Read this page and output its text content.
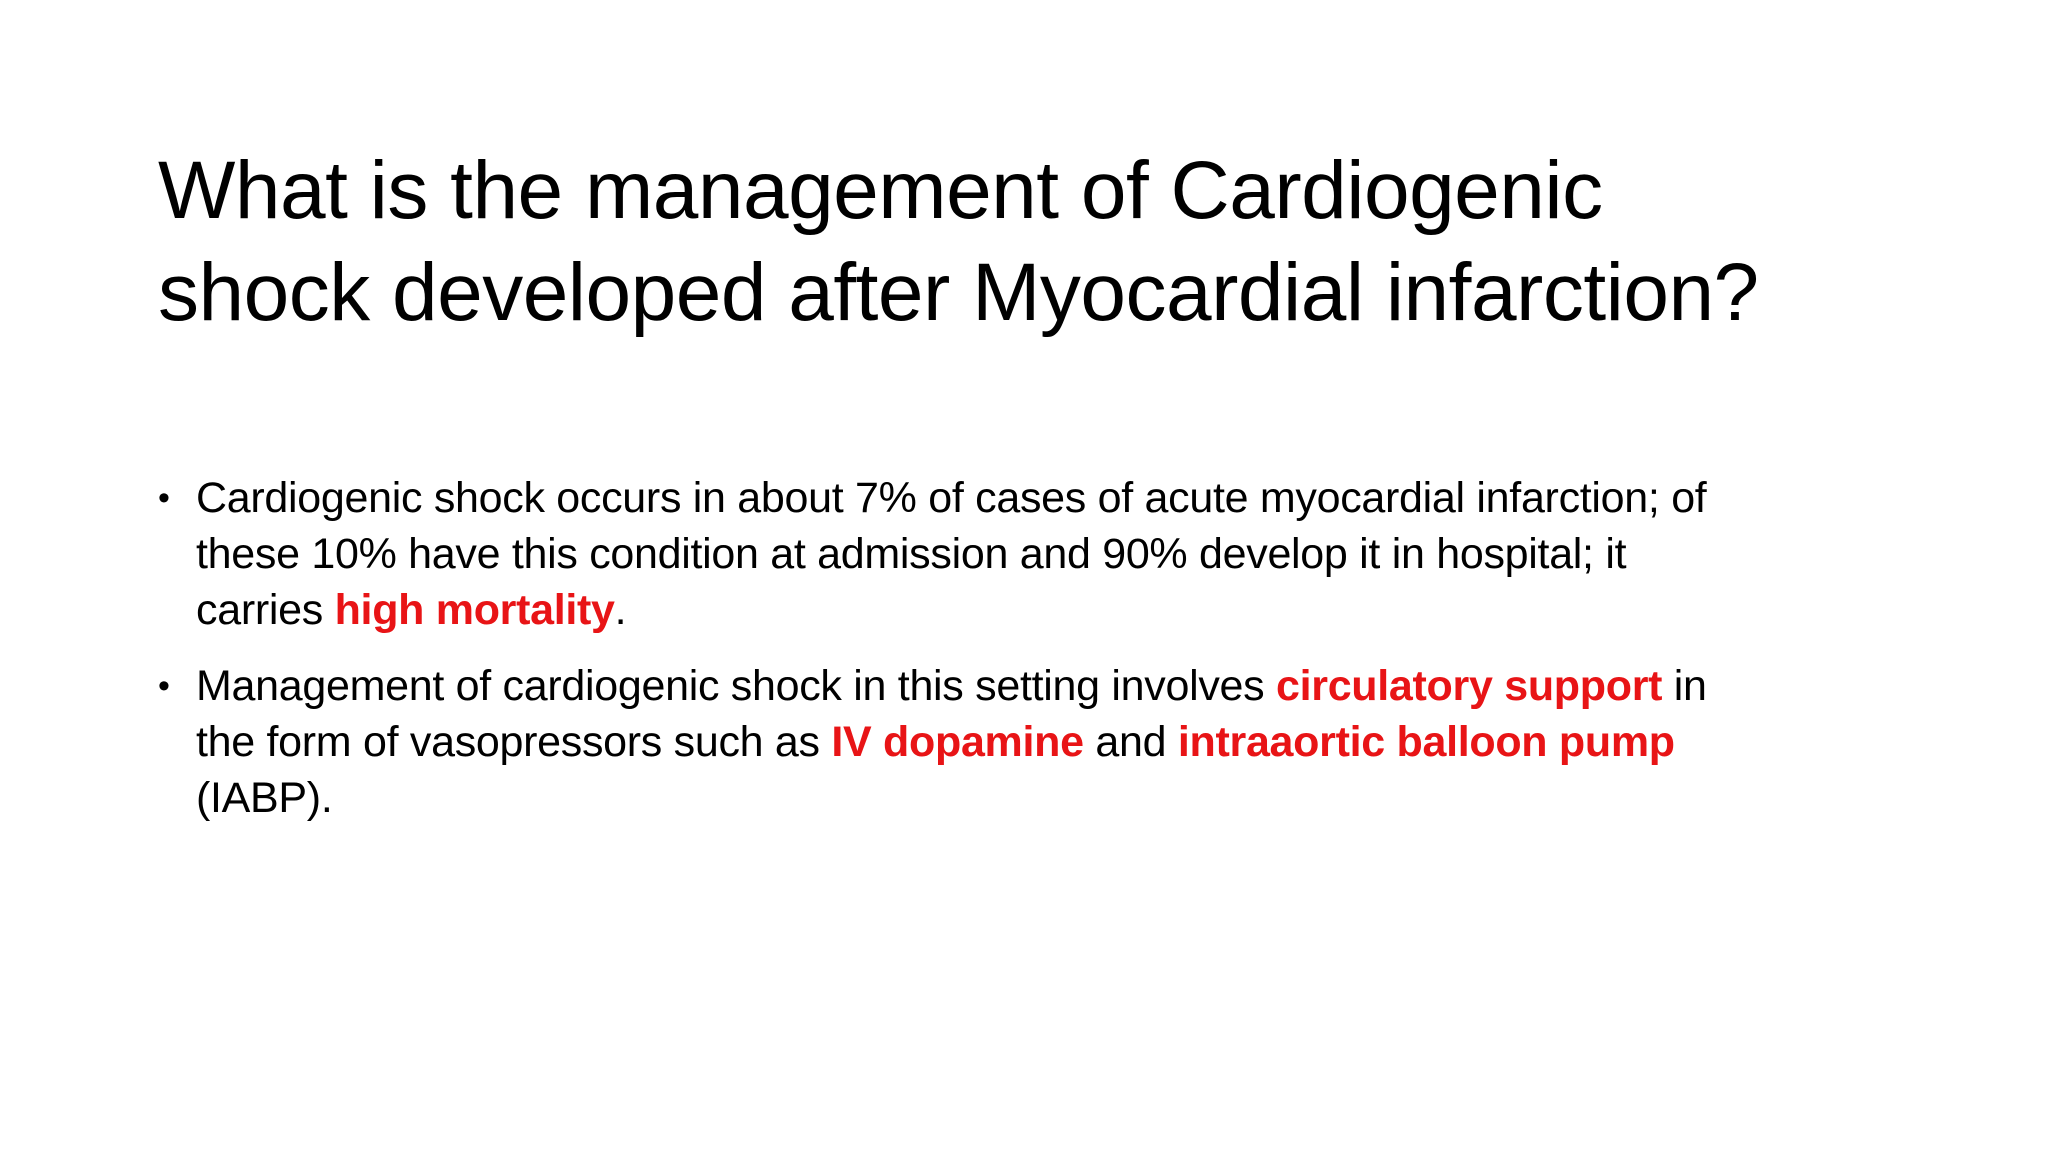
What is the management of Cardiogenic
shock developed after Myocardial infarction?
• Cardiogenic shock occurs in about 7% of cases of acute myocardial infarction; of
these 10% have this condition at admission and 90% develop it in hospital; it
carries high mortality.
• Management of cardiogenic shock in this setting involves circulatory support in
the form of vasopressors such as IV dopamine and intraaortic balloon pump
(IABP).
